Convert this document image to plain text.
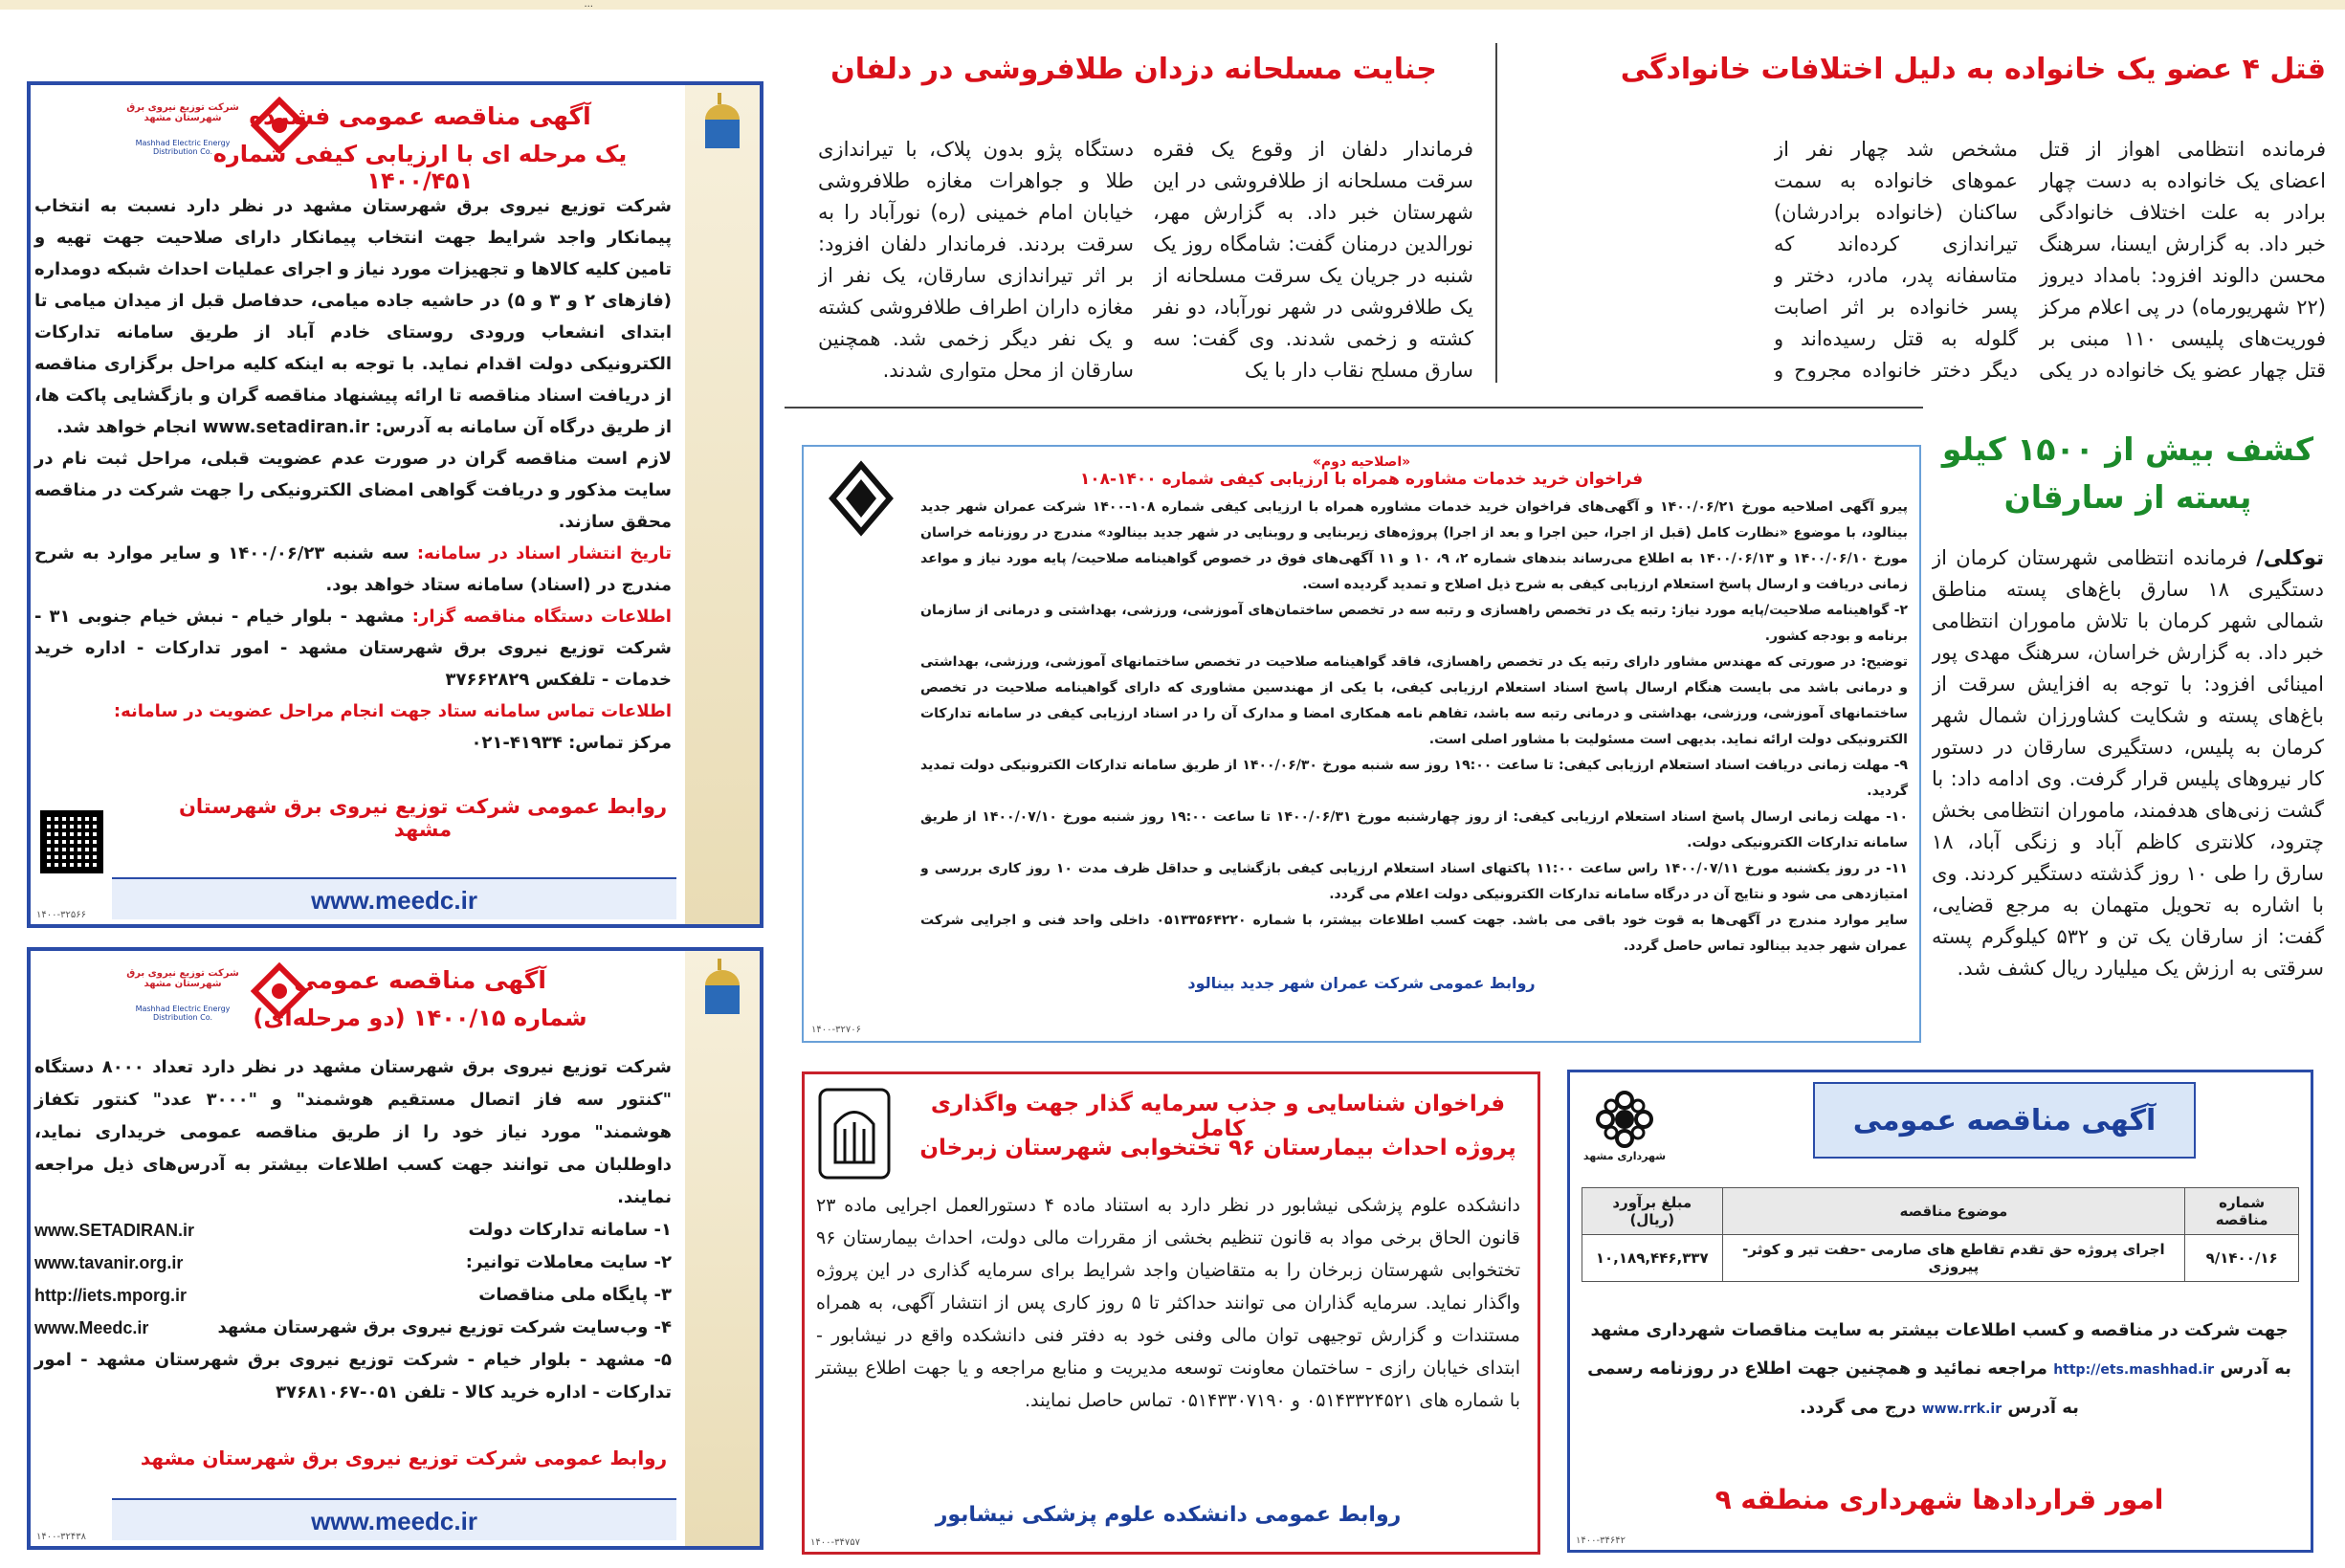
...
قتل ۴ عضو یک خانواده به دلیل اختلافات خانوادگی
فرمانده انتظامی اهواز از قتل اعضای یک خانواده به دست چهار برادر به علت اختلاف خانوادگی خبر داد. به گزارش ایسنا، سرهنگ محسن دالوند افزود: بامداد دیروز (۲۲ شهریورماه) در پی اعلام مرکز فوریت‌های پلیسی ۱۱۰ مبنی بر قتل چهار عضو یک خانواده در یکی
مشخص شد چهار نفر از عموهای خانواده به سمت ساکنان (خانواده برادرشان) تیراندازی کرده‌اند که متاسفانه پدر، مادر، دختر و پسر خانواده بر اثر اصابت گلوله به قتل رسیده‌اند و دیگر دختر خانواده مجروح و
جنایت مسلحانه دزدان طلافروشی در دلفان
فرماندار دلفان از وقوع یک فقره سرقت مسلحانه از طلافروشی در این شهرستان خبر داد. به گزارش مهر، نورالدین درمنان گفت: شامگاه روز یک شنبه در جریان یک سرقت مسلحانه از یک طلافروشی در شهر نورآباد، دو نفر کشته و زخمی شدند. وی گفت: سه سارق مسلح نقاب دار با یک
دستگاه پژو بدون پلاک، با تیراندازی طلا و جواهرات مغازه طلافروشی خیابان امام خمینی (ره) نورآباد را به سرقت بردند. فرماندار دلفان افزود: بر اثر تیراندازی سارقان، یک نفر از مغازه داران اطراف طلافروشی کشته و یک نفر دیگر زخمی شد. همچنین سارقان از محل متواری شدند.
کشف بیش از ۱۵۰۰ کیلو
پسته از سارقان
توکلی/ فرمانده انتظامی شهرستان کرمان از دستگیری ۱۸ سارق باغ‌های پسته مناطق شمالی شهر کرمان با تلاش ماموران انتظامی خبر داد. به گزارش خراسان، سرهنگ مهدی پور امینائی افزود: با توجه به افزایش سرقت از باغ‌های پسته و شکایت کشاورزان شمال شهر کرمان به پلیس، دستگیری سارقان در دستور کار نیروهای پلیس قرار گرفت. وی ادامه داد: با گشت زنی‌های هدفمند، ماموران انتظامی بخش چترود، کلانتری کاظم آباد و زنگی آباد، ۱۸ سارق را طی ۱۰ روز گذشته دستگیر کردند. وی با اشاره به تحویل متهمان به مرجع قضایی، گفت: از سارقان یک تن و ۵۳۲ کیلوگرم پسته سرقتی به ارزش یک میلیارد ریال کشف شد.
«اصلاحیه دوم»
فراخوان خرید خدمات مشاوره همراه با ارزیابی کیفی شماره ۱۴۰۰-۱۰۸
پیرو آگهی اصلاحیه مورخ ۱۴۰۰/۰۶/۲۱ و آگهی‌های فراخوان خرید خدمات مشاوره همراه با ارزیابی کیفی شماره ۱۰۸-۱۴۰۰ شرکت عمران شهر جدید بینالود، با موضوع «نظارت کامل (قبل از اجرا، حین اجرا و بعد از اجرا) پروژه‌های زیربنایی و روبنایی در شهر جدید بینالود» مندرج در روزنامه خراسان مورخ ۱۴۰۰/۰۶/۱۰ و ۱۴۰۰/۰۶/۱۳ به اطلاع می‌رساند بندهای شماره ۲، ۹، ۱۰ و ۱۱ آگهی‌های فوق در خصوص گواهینامه صلاحیت/ پایه مورد نیاز و مواعد زمانی دریافت و ارسال پاسخ استعلام ارزیابی کیفی به شرح ذیل اصلاح و تمدید گردیده است.
۲- گواهینامه صلاحیت/پایه مورد نیاز: رتبه یک در تخصص راهسازی و رتبه سه در تخصص ساختمان‌های آموزشی، ورزشی، بهداشتی و درمانی از سازمان برنامه و بودجه کشور.
توضیح: در صورتی که مهندس مشاور دارای رتبه یک در تخصص راهسازی، فاقد گواهینامه صلاحیت در تخصص ساختمانهای آموزشی، ورزشی، بهداشتی و درمانی باشد می بایست هنگام ارسال پاسخ اسناد استعلام ارزیابی کیفی، با یکی از مهندسین مشاوری که دارای گواهینامه صلاحیت در تخصص ساختمانهای آموزشی، ورزشی، بهداشتی و درمانی رتبه سه باشد، تفاهم نامه همکاری امضا و مدارک آن را در اسناد ارزیابی کیفی در سامانه تدارکات الکترونیکی دولت ارائه نماید. بدیهی است مسئولیت با مشاور اصلی است.
۹- مهلت زمانی دریافت اسناد استعلام ارزیابی کیفی: تا ساعت ۱۹:۰۰ روز سه شنبه مورخ ۱۴۰۰/۰۶/۳۰ از طریق سامانه تدارکات الکترونیکی دولت تمدید گردید.
۱۰- مهلت زمانی ارسال پاسخ اسناد استعلام ارزیابی کیفی: از روز چهارشنبه مورخ ۱۴۰۰/۰۶/۳۱ تا ساعت ۱۹:۰۰ روز شنبه مورخ ۱۴۰۰/۰۷/۱۰ از طریق سامانه تدارکات الکترونیکی دولت.
۱۱- در روز یکشنبه مورخ ۱۴۰۰/۰۷/۱۱ راس ساعت ۱۱:۰۰ پاکتهای اسناد استعلام ارزیابی کیفی بازگشایی و حداقل ظرف مدت ۱۰ روز کاری بررسی و امتیازدهی می شود و نتایج آن در درگاه سامانه تدارکات الکترونیکی دولت اعلام می گردد.
سایر موارد مندرج در آگهی‌ها به قوت خود باقی می باشد. جهت کسب اطلاعات بیشتر، با شماره ۰۵۱۳۳۵۶۴۲۲۰ داخلی واحد فنی و اجرایی شرکت عمران شهر جدید بینالود تماس حاصل گردد.
روابط عمومی شرکت عمران شهر جدید بینالود
۱۴۰۰-۳۲۷۰۶
شرکت توزیع نیروی برق شهرستان مشهد
Mashhad Electric Energy Distribution Co.
آگهی مناقصه عمومی فشرده
یک مرحله ای با ارزیابی کیفی شماره ۱۴۰۰/۴۵۱

شرکت توزیع نیروی برق شهرستان مشهد در نظر دارد نسبت به انتخاب پیمانکار واجد شرایط جهت انتخاب پیمانکار دارای صلاحیت جهت تهیه و تامین کلیه کالاها و تجهیزات مورد نیاز و اجرای عملیات احداث شبکه دومداره (فازهای ۲ و ۳ و ۵) در حاشیه جاده میامی، حدفاصل قبل از میدان میامی تا ابتدای انشعاب ورودی روستای خادم آباد از طریق سامانه تدارکات الکترونیکی دولت اقدام نماید. با توجه به اینکه کلیه مراحل برگزاری مناقصه از دریافت اسناد مناقصه تا ارائه پیشنهاد مناقصه گران و بازگشایی پاکت ها، از طریق درگاه آن سامانه به آدرس: www.setadiran.ir انجام خواهد شد.

لازم است مناقصه گران در صورت عدم عضویت قبلی، مراحل ثبت نام در سایت مذکور و دریافت گواهی امضای الکترونیکی را جهت شرکت در مناقصه محقق سازند.

تاریخ انتشار اسناد در سامانه: سه شنبه ۱۴۰۰/۰۶/۲۳ و سایر موارد به شرح مندرج در (اسناد) سامانه ستاد خواهد بود.

اطلاعات دستگاه مناقصه گزار: مشهد - بلوار خیام - نبش خیام جنوبی ۳۱ - شرکت توزیع نیروی برق شهرستان مشهد - امور تدارکات - اداره خرید خدمات - تلفکس ۳۷۶۶۲۸۲۹

اطلاعات تماس سامانه ستاد جهت انجام مراحل عضویت در سامانه:

مرکز تماس: ۴۱۹۳۴-۰۲۱

روابط عمومی شرکت توزیع نیروی برق شهرستان مشهد
www.meedc.ir
۱۴۰۰-۳۲۵۶۶
شرکت توزیع نیروی برق شهرستان مشهد
Mashhad Electric Energy Distribution Co.
آگهی مناقصه عمومی
شماره ۱۴۰۰/۱۵ (دو مرحله‌ای)

شرکت توزیع نیروی برق شهرستان مشهد در نظر دارد تعداد ۸۰۰۰ دستگاه "کنتور سه فاز اتصال مستقیم هوشمند" و "۳۰۰۰ عدد" کنتور تکفاز هوشمند" مورد نیاز خود را از طریق مناقصه عمومی خریداری نماید، داوطلبان می توانند جهت کسب اطلاعات بیشتر به آدرس‌های ذیل مراجعه نمایند.

۱- سامانه تدارکات دولت
www.SETADIRAN.ir
۲- سایت معاملات توانیر:
www.tavanir.org.ir
۳- پایگاه ملی مناقصات
http://iets.mporg.ir
۴- وب‌سایت شرکت توزیع نیروی برق شهرستان مشهد
www.Meedc.ir

۵- مشهد - بلوار خیام - شرکت توزیع نیروی برق شهرستان مشهد - امور تدارکات - اداره خرید کالا - تلفن ۰۵۱-۳۷۶۸۱۰۶۷

روابط عمومی شرکت توزیع نیروی برق شهرستان مشهد
www.meedc.ir
۱۴۰۰-۳۲۴۳۸
فراخوان شناسایی و جذب سرمایه گذار جهت واگذاری کامل
پروژه احداث بیمارستان ۹۶ تختخوابی شهرستان زبرخان
دانشکده علوم پزشکی نیشابور در نظر دارد به استناد ماده ۴ دستورالعمل اجرایی ماده ۲۳ قانون الحاق برخی مواد به قانون تنظیم بخشی از مقررات مالی دولت، احداث بیمارستان ۹۶ تختخوابی شهرستان زبرخان را به متقاضیان واجد شرایط برای سرمایه گذاری در این پروژه واگذار نماید. سرمایه گذاران می توانند حداکثر تا ۵ روز کاری پس از انتشار آگهی، به همراه مستندات و گزارش توجیهی توان مالی وفنی خود به دفتر فنی دانشکده واقع در نیشابور - ابتدای خیابان رازی - ساختمان معاونت توسعه مدیریت و منابع مراجعه و یا جهت اطلاع بیشتر با شماره های ۰۵۱۴۳۳۲۴۵۲۱ و ۰۵۱۴۳۳۰۷۱۹۰ تماس حاصل نمایند.
روابط عمومی دانشکده علوم پزشکی نیشابور
۱۴۰۰-۳۴۷۵۷
آگهی مناقصه عمومی
شهرداری مشهد
شماره مناقصه	موضوع مناقصه	مبلغ برآورد (ریال)
۹/۱۴۰۰/۱۶	اجرای پروژه حق تقدم تقاطع های صارمی -حفت تیر و کوثر- پیروزی	۱۰,۱۸۹,۴۴۶,۳۳۷
جهت شرکت در مناقصه و کسب اطلاعات بیشتر به سایت مناقصات شهرداری مشهد به آدرس http://ets.mashhad.ir مراجعه نمائید و همچنین جهت اطلاع در روزنامه رسمی به آدرس www.rrk.ir درج می گردد.
امور قراردادها شهرداری منطقه ۹
۱۴۰۰-۳۴۶۴۲
